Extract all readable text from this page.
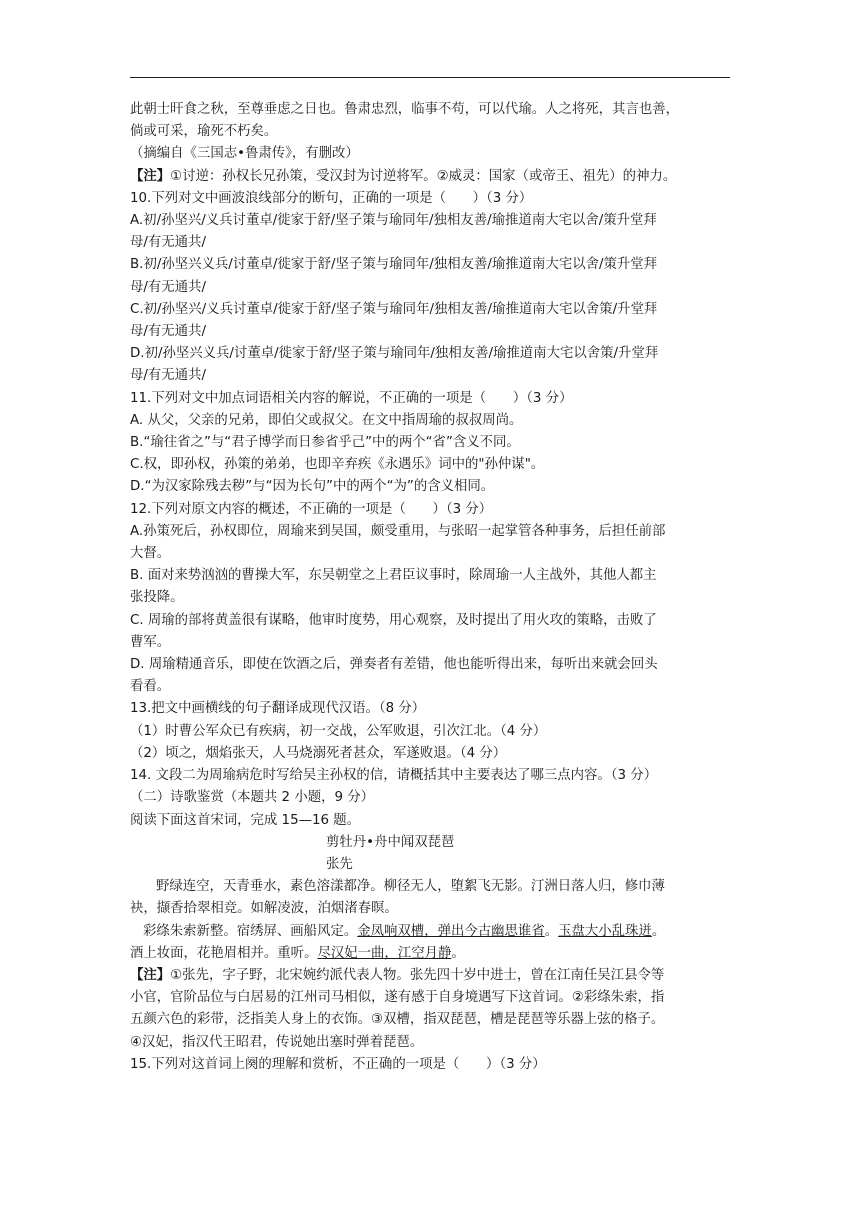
此朝士旰食之秋，至尊垂虑之日也。鲁肃忠烈，临事不苟，可以代瑜。人之将死，其言也善，

倘或可采，瑜死不朽矣。

（摘编自《三国志•鲁肃传》，有删改）

【注】①讨逆：孙权长兄孙策，受汉封为讨逆将军。②威灵：国家（或帝王、祖先）的神力。

10.下列对文中画波浪线部分的断句，正确的一项是（　　）（3 分）

A.初/孙坚兴/义兵讨董卓/徙家于舒/坚子策与瑜同年/独相友善/瑜推道南大宅以舍/策升堂拜

母/有无通共/

B.初/孙坚兴义兵/讨董卓/徙家于舒/坚子策与瑜同年/独相友善/瑜推道南大宅以舍/策升堂拜

母/有无通共/

C.初/孙坚兴/义兵讨董卓/徙家于舒/坚子策与瑜同年/独相友善/瑜推道南大宅以舍策/升堂拜

母/有无通共/

D.初/孙坚兴义兵/讨董卓/徙家于舒/坚子策与瑜同年/独相友善/瑜推道南大宅以舍策/升堂拜

母/有无通共/

11.下列对文中加点词语相关内容的解说，不正确的一项是（　　）（3 分）

A. 从父，父亲的兄弟，即伯父或叔父。在文中指周瑜的叔叔周尚。

B.“瑜往省之”与“君子博学而日参省乎己”中的两个“省”含义不同。

C.权，即孙权，孙策的弟弟，也即辛弃疾《永遇乐》词中的"孙仲谋"。

D.“为汉家除残去秽”与“因为长句”中的两个“为”的含义相同。

12.下列对原文内容的概述，不正确的一项是（　　）（3 分）

A.孙策死后，孙权即位，周瑜来到吴国，颇受重用，与张昭一起掌管各种事务，后担任前部

大督。

B. 面对来势汹汹的曹操大军，东吴朝堂之上君臣议事时，除周瑜一人主战外，其他人都主

张投降。

C. 周瑜的部将黄盖很有谋略，他审时度势，用心观察，及时提出了用火攻的策略，击败了

曹军。

D. 周瑜精通音乐，即使在饮酒之后，弹奏者有差错，他也能听得出来，每听出来就会回头

看看。

13.把文中画横线的句子翻译成现代汉语。（8 分）

（1）时曹公军众已有疾病，初一交战，公军败退，引次江北。（4 分）

（2）顷之，烟焰张天，人马烧溺死者甚众，军遂败退。（4 分）

14. 文段二为周瑜病危时写给吴主孙权的信，请概括其中主要表达了哪三点内容。（3 分）

（二）诗歌鉴赏（本题共 2 小题，9 分）

阅读下面这首宋词，完成 15—16 题。

剪牡丹•舟中闻双琵琶

张先

野绿连空，天青垂水，素色溶漾都净。柳径无人，堕絮飞无影。汀洲日落人归，修巾薄

袂，撷香拾翠相竞。如解凌波，泊烟渚春暝。

彩绦朱索新整。宿绣屏、画船风定。金凤响双槽，弹出今古幽思谁省。玉盘大小乱珠迸。

酒上妆面，花艳眉相并。重听。尽汉妃一曲，江空月静。

【注】①张先，字子野，北宋婉约派代表人物。张先四十岁中进士，曾在江南任吴江县令等

小官，官阶品位与白居易的江州司马相似，遂有感于自身境遇写下这首词。②彩绦朱索，指

五颜六色的彩带，泛指美人身上的衣饰。③双槽，指双琵琶，槽是琵琶等乐器上弦的格子。

④汉妃，指汉代王昭君，传说她出塞时弹着琵琶。

15.下列对这首词上阕的理解和赏析，不正确的一项是（　　）（3 分）
